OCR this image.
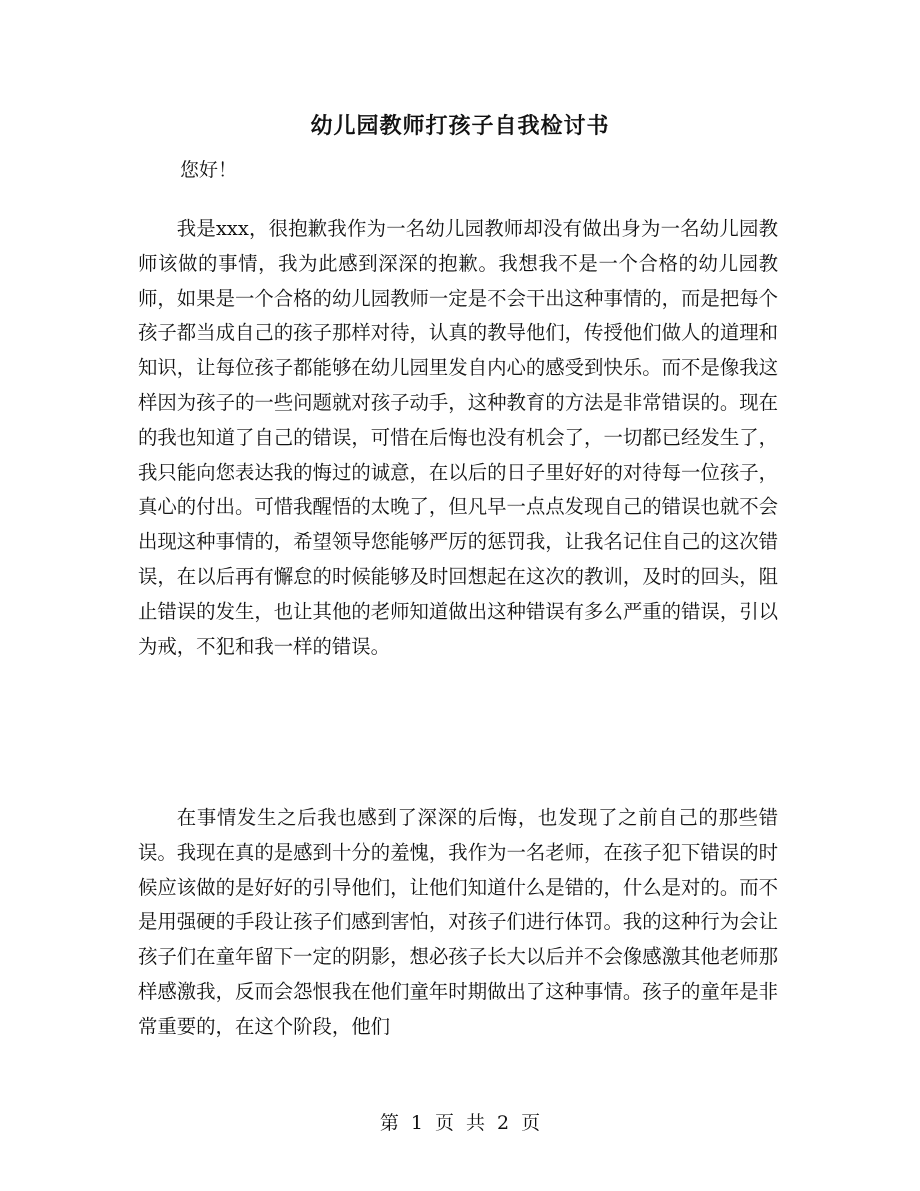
幼儿园教师打孩子自我检讨书

您好！

我是xxx，很抱歉我作为一名幼儿园教师却没有做出身为一名幼儿园教师该做的事情，我为此感到深深的抱歉。我想我不是一个合格的幼儿园教师，如果是一个合格的幼儿园教师一定是不会干出这种事情的，而是把每个孩子都当成自己的孩子那样对待，认真的教导他们，传授他们做人的道理和知识，让每位孩子都能够在幼儿园里发自内心的感受到快乐。而不是像我这样因为孩子的一些问题就对孩子动手，这种教育的方法是非常错误的。现在的我也知道了自己的错误，可惜在后悔也没有机会了，一切都已经发生了，我只能向您表达我的悔过的诚意，在以后的日子里好好的对待每一位孩子，真心的付出。可惜我醒悟的太晚了，但凡早一点点发现自己的错误也就不会出现这种事情的，希望领导您能够严厉的惩罚我，让我名记住自己的这次错误，在以后再有懈怠的时候能够及时回想起在这次的教训，及时的回头，阻止错误的发生，也让其他的老师知道做出这种错误有多么严重的错误，引以为戒，不犯和我一样的错误。

在事情发生之后我也感到了深深的后悔，也发现了之前自己的那些错误。我现在真的是感到十分的羞愧，我作为一名老师，在孩子犯下错误的时候应该做的是好好的引导他们，让他们知道什么是错的，什么是对的。而不是用强硬的手段让孩子们感到害怕，对孩子们进行体罚。我的这种行为会让孩子们在童年留下一定的阴影，想必孩子长大以后并不会像感激其他老师那样感激我，反而会怨恨我在他们童年时期做出了这种事情。孩子的童年是非常重要的，在这个阶段，他们

第 1 页 共 2 页
